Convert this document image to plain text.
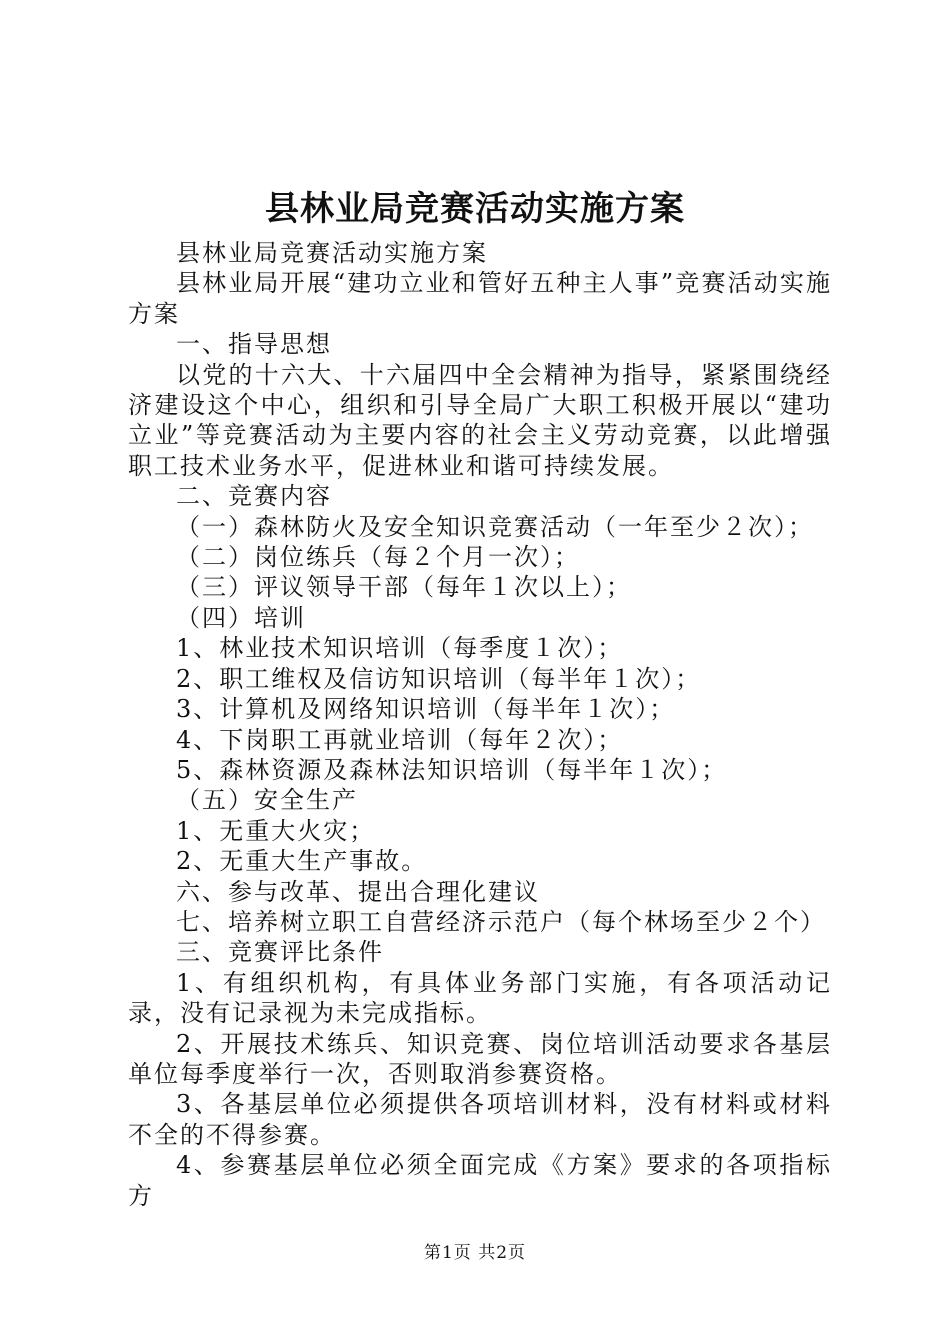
县林业局竞赛活动实施方案

县林业局竞赛活动实施方案

县林业局开展“建功立业和管好五种主人事”竞赛活动实施方案

一、指导思想

以党的十六大、十六届四中全会精神为指导，紧紧围绕经济建设这个中心，组织和引导全局广大职工积极开展以“建功立业”等竞赛活动为主要内容的社会主义劳动竞赛，以此增强职工技术业务水平，促进林业和谐可持续发展。

二、竞赛内容

（一）森林防火及安全知识竞赛活动（一年至少２次）；

（二）岗位练兵（每２个月一次）；

（三）评议领导干部（每年１次以上）；

（四）培训

1、林业技术知识培训（每季度１次）；

2、职工维权及信访知识培训（每半年１次）；

3、计算机及网络知识培训（每半年１次）；

4、下岗职工再就业培训（每年２次）；

5、森林资源及森林法知识培训（每半年１次）；

（五）安全生产

1、无重大火灾；

2、无重大生产事故。

六、参与改革、提出合理化建议

七、培养树立职工自营经济示范户（每个林场至少２个）

三、竞赛评比条件

1、有组织机构，有具体业务部门实施，有各项活动记录，没有记录视为未完成指标。

2、开展技术练兵、知识竞赛、岗位培训活动要求各基层单位每季度举行一次，否则取消参赛资格。

3、各基层单位必须提供各项培训材料，没有材料或材料不全的不得参赛。

4、参赛基层单位必须全面完成《方案》要求的各项指标方

第1页 共2页
